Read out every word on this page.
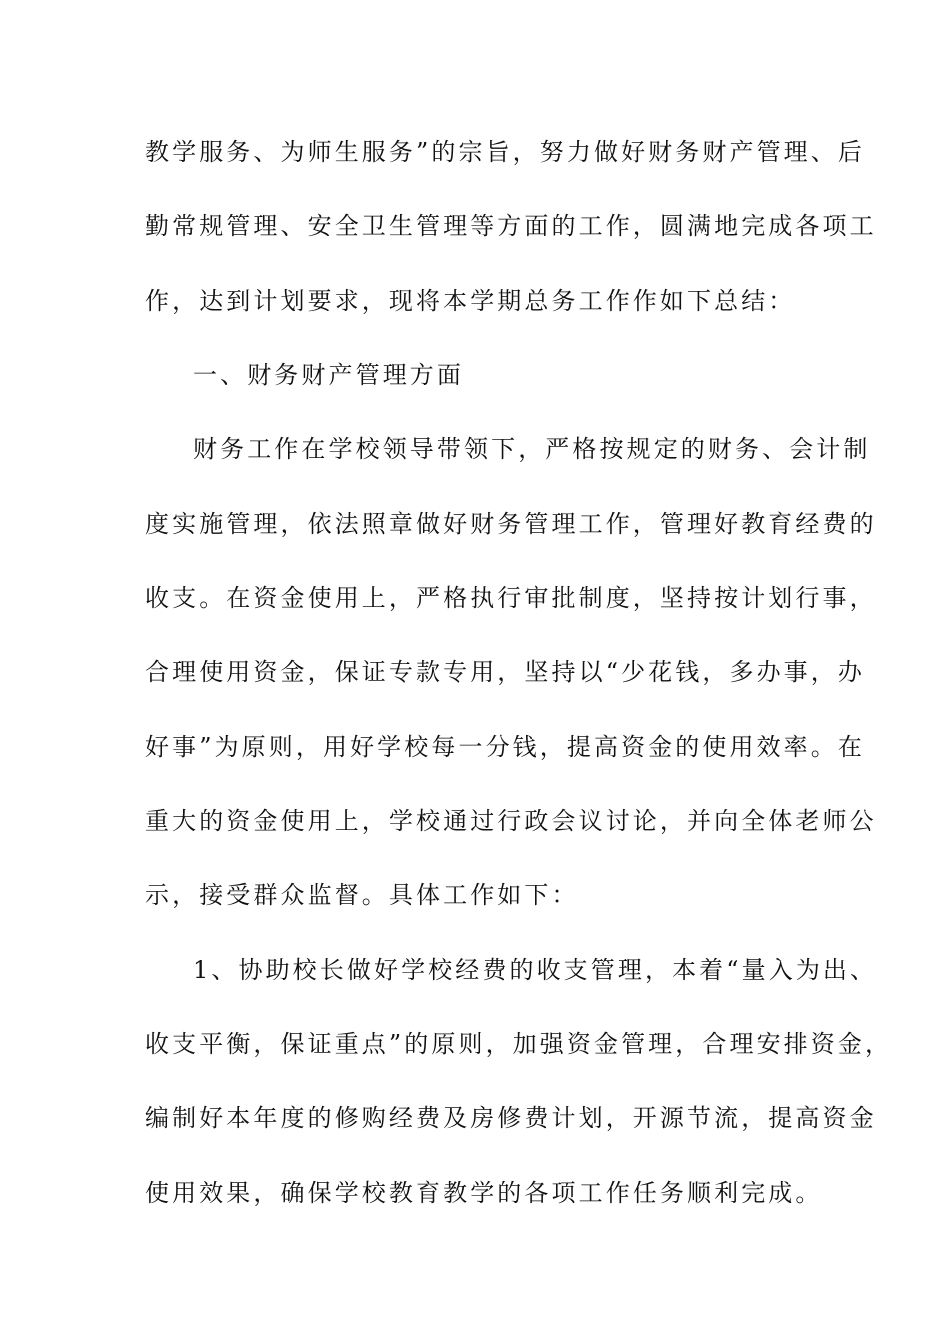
教学服务、为师生服务”的宗旨，努力做好财务财产管理、后
勤常规管理、安全卫生管理等方面的工作，圆满地完成各项工
作，达到计划要求，现将本学期总务工作作如下总结：
一、财务财产管理方面
财务工作在学校领导带领下，严格按规定的财务、会计制
度实施管理，依法照章做好财务管理工作，管理好教育经费的
收支。在资金使用上，严格执行审批制度，坚持按计划行事，
合理使用资金，保证专款专用，坚持以“少花钱，多办事，办
好事”为原则，用好学校每一分钱，提高资金的使用效率。在
重大的资金使用上，学校通过行政会议讨论，并向全体老师公
示，接受群众监督。具体工作如下：
1、协助校长做好学校经费的收支管理，本着“量入为出、
收支平衡，保证重点”的原则，加强资金管理，合理安排资金，
编制好本年度的修购经费及房修费计划，开源节流，提高资金
使用效果，确保学校教育教学的各项工作任务顺利完成。
